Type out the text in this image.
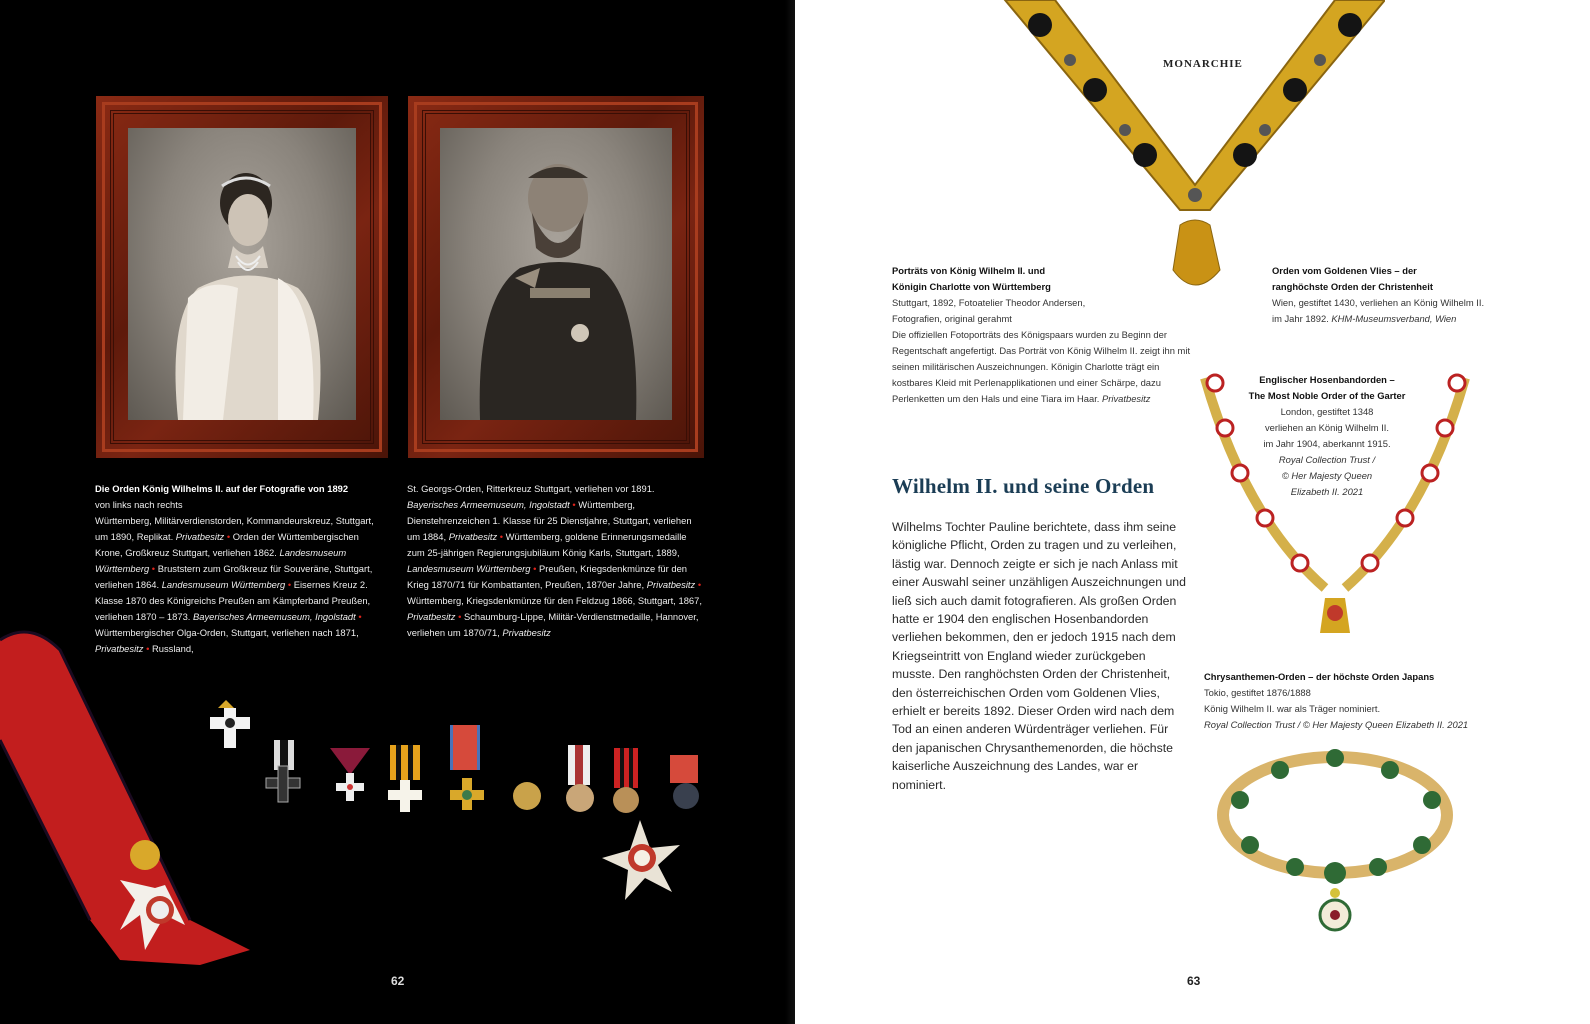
Die Orden König Wilhelms II. auf der Fotografie von 1892
von links nach rechts
Württemberg, Militärverdienstorden, Kommandeurskreuz, Stuttgart, um 1890, Replikat. Privatbesitz • Orden der Württembergischen Krone, Großkreuz Stuttgart, verliehen 1862. Landesmuseum Württemberg • Bruststern zum Großkreuz für Souveräne, Stuttgart, verliehen 1864. Landesmuseum Württemberg • Eisernes Kreuz 2. Klasse 1870 des Königreichs Preußen am Kämpferband Preußen, verliehen 1870 – 1873. Bayerisches Armeemuseum, Ingolstadt • Württembergischer Olga-Orden, Stuttgart, verliehen nach 1871, Privatbesitz • Russland,
St. Georgs-Orden, Ritterkreuz Stuttgart, verliehen vor 1891. Bayerisches Armeemuseum, Ingolstadt • Württemberg, Dienstehrenzeichen 1. Klasse für 25 Dienstjahre, Stuttgart, verliehen um 1884, Privatbesitz • Württemberg, goldene Erinnerungsmedaille zum 25-jährigen Regierungsjubiläum König Karls, Stuttgart, 1889, Landesmuseum Württemberg • Preußen, Kriegsdenkmünze für den Krieg 1870/71 für Kombattanten, Preußen, 1870er Jahre, Privatbesitz • Württemberg, Kriegsdenkmünze für den Feldzug 1866, Stuttgart, 1867, Privatbesitz • Schaumburg-Lippe, Militär-Verdienstmedaille, Hannover, verliehen um 1870/71, Privatbesitz
62
MONARCHIE
Porträts von König Wilhelm II. und
Königin Charlotte von Württemberg
Stuttgart, 1892, Fotoatelier Theodor Andersen,
Fotografien, original gerahmt
Die offiziellen Fotoporträts des Königspaars wurden zu Beginn der Regentschaft angefertigt. Das Porträt von König Wilhelm II. zeigt ihn mit seinen militärischen Auszeichnungen. Königin Charlotte trägt ein kostbares Kleid mit Perlenapplikationen und einer Schärpe, dazu Perlenketten um den Hals und eine Tiara im Haar. Privatbesitz
Orden vom Goldenen Vlies – der
ranghöchste Orden der Christenheit
Wien, gestiftet 1430, verliehen an König Wilhelm II.
im Jahr 1892. KHM-Museumsverband, Wien
Englischer Hosenbandorden –
The Most Noble Order of the Garter
London, gestiftet 1348
verliehen an König Wilhelm II.
im Jahr 1904, aberkannt 1915.
Royal Collection Trust /
© Her Majesty Queen
Elizabeth II. 2021
Wilhelm II. und seine Orden
Wilhelms Tochter Pauline berichtete, dass ihm seine königliche Pflicht, Orden zu tragen und zu verleihen, lästig war. Dennoch zeigte er sich je nach Anlass mit einer Auswahl seiner unzähligen Auszeichnungen und ließ sich auch damit fotografieren. Als großen Orden hatte er 1904 den englischen Hosenbandorden verliehen bekommen, den er jedoch 1915 nach dem Kriegseintritt von England wieder zurückgeben musste. Den ranghöchsten Orden der Christenheit, den österreichischen Orden vom Goldenen Vlies, erhielt er bereits 1892. Dieser Orden wird nach dem Tod an einen anderen Würdenträger verliehen. Für den japanischen Chrysanthemenorden, die höchste kaiserliche Auszeichnung des Landes, war er nominiert.
Chrysanthemen-Orden – der höchste Orden Japans
Tokio, gestiftet 1876/1888
König Wilhelm II. war als Träger nominiert.
Royal Collection Trust / © Her Majesty Queen Elizabeth II. 2021
63
